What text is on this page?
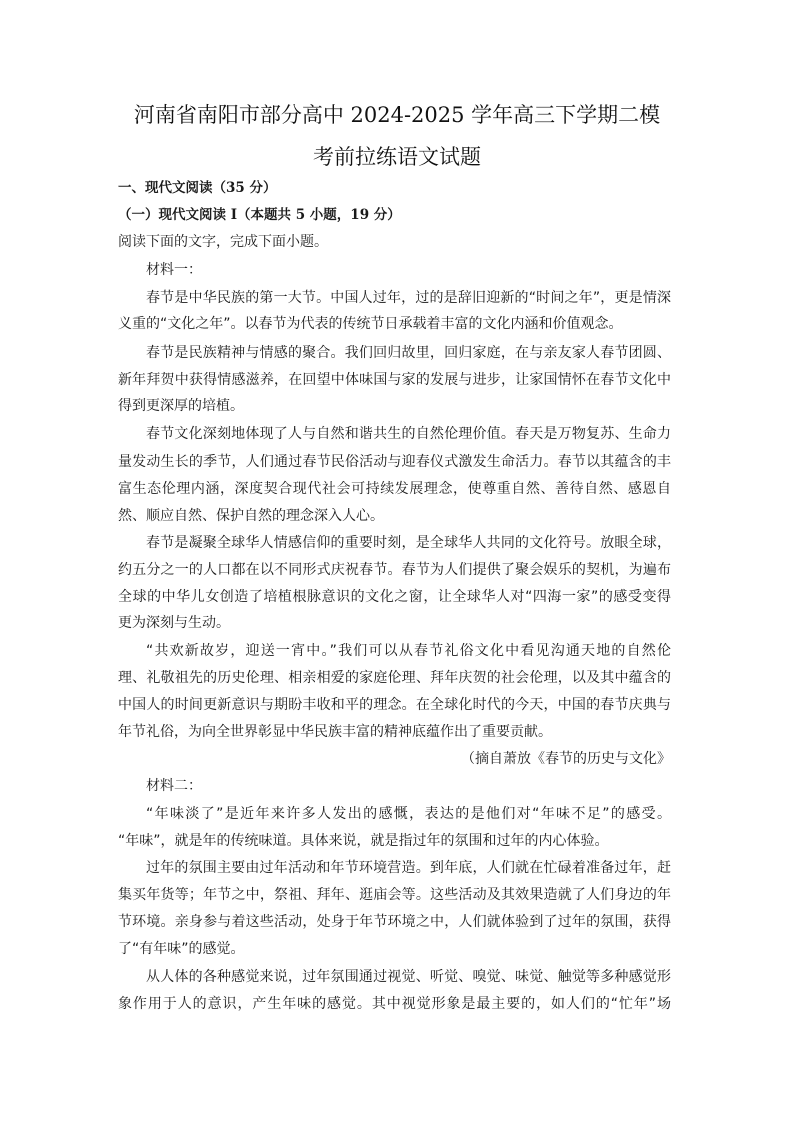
河南省南阳市部分高中 2024-2025 学年高三下学期二模
考前拉练语文试题
一、现代文阅读（35 分）
（一）现代文阅读 I（本题共 5 小题，19 分）
阅读下面的文字，完成下面小题。
材料一：
春节是中华民族的第一大节。中国人过年，过的是辞旧迎新的“时间之年”，更是情深
义重的“文化之年”。以春节为代表的传统节日承载着丰富的文化内涵和价值观念。
春节是民族精神与情感的聚合。我们回归故里，回归家庭，在与亲友家人春节团圆、
新年拜贺中获得情感滋养，在回望中体味国与家的发展与进步，让家国情怀在春节文化中
得到更深厚的培植。
春节文化深刻地体现了人与自然和谐共生的自然伦理价值。春天是万物复苏、生命力
量发动生长的季节，人们通过春节民俗活动与迎春仪式激发生命活力。春节以其蕴含的丰
富生态伦理内涵，深度契合现代社会可持续发展理念，使尊重自然、善待自然、感恩自
然、顺应自然、保护自然的理念深入人心。
春节是凝聚全球华人情感信仰的重要时刻，是全球华人共同的文化符号。放眼全球，
约五分之一的人口都在以不同形式庆祝春节。春节为人们提供了聚会娱乐的契机，为遍布
全球的中华儿女创造了培植根脉意识的文化之窗，让全球华人对“四海一家”的感受变得
更为深刻与生动。
“共欢新故岁，迎送一宵中。”我们可以从春节礼俗文化中看见沟通天地的自然伦
理、礼敬祖先的历史伦理、相亲相爱的家庭伦理、拜年庆贺的社会伦理，以及其中蕴含的
中国人的时间更新意识与期盼丰收和平的理念。在全球化时代的今天，中国的春节庆典与
年节礼俗，为向全世界彰显中华民族丰富的精神底蕴作出了重要贡献。
（摘自萧放《春节的历史与文化》
材料二：
“年味淡了”是近年来许多人发出的感慨，表达的是他们对“年味不足”的感受。
“年味”，就是年的传统味道。具体来说，就是指过年的氛围和过年的内心体验。
过年的氛围主要由过年活动和年节环境营造。到年底，人们就在忙碌着准备过年，赶
集买年货等；年节之中，祭祖、拜年、逛庙会等。这些活动及其效果造就了人们身边的年
节环境。亲身参与着这些活动，处身于年节环境之中，人们就体验到了过年的氛围，获得
了“有年味”的感觉。
从人体的各种感觉来说，过年氛围通过视觉、听觉、嗅觉、味觉、触觉等多种感觉形
象作用于人的意识，产生年味的感觉。其中视觉形象是最主要的，如人们的“忙年”场
